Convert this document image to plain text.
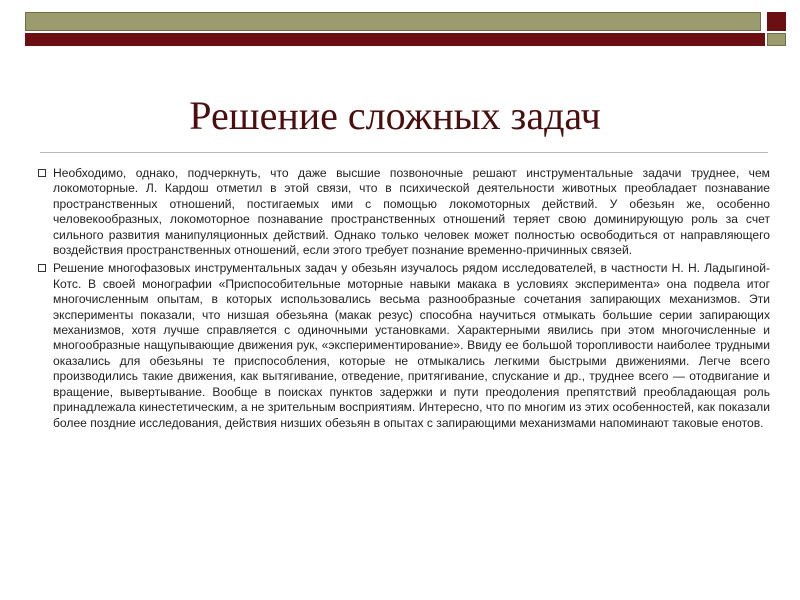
Решение сложных задач
Необходимо, однако, подчеркнуть, что даже высшие позвоночные решают инструментальные задачи труднее, чем локомоторные. Л. Кардош отметил в этой связи, что в психической деятельности животных преобладает познавание пространственных отношений, постигаемых ими с помощью локомоторных действий. У обезьян же, особенно человекообразных, локомоторное познавание пространственных отношений теряет свою доминирующую роль за счет сильного развития манипуляционных действий. Однако только человек может полностью освободиться от направляющего воздействия пространственных отношений, если этого требует познание временно-причинных связей.
Решение многофазовых инструментальных задач у обезьян изучалось рядом исследователей, в частности Н. Н. Ладыгиной-Котс. В своей монографии «Приспособительные моторные навыки макака в условиях эксперимента» она подвела итог многочисленным опытам, в которых использовались весьма разнообразные сочетания запирающих механизмов. Эти эксперименты показали, что низшая обезьяна (макак резус) способна научиться отмыкать большие серии запирающих механизмов, хотя лучше справляется с одиночными установками. Характерными явились при этом многочисленные и многообразные нащупывающие движения рук, «экспериментирование». Ввиду ее большой торопливости наиболее трудными оказались для обезьяны те приспособления, которые не отмыкались легкими быстрыми движениями. Легче всего производились такие движения, как вытягивание, отведение, притягивание, спускание и др., труднее всего — отодвигание и вращение, вывертывание. Вообще в поисках пунктов задержки и пути преодоления препятствий преобладающая роль принадлежала кинестетическим, а не зрительным восприятиям. Интересно, что по многим из этих особенностей, как показали более поздние исследования, действия низших обезьян в опытах с запирающими механизмами напоминают таковые енотов.
